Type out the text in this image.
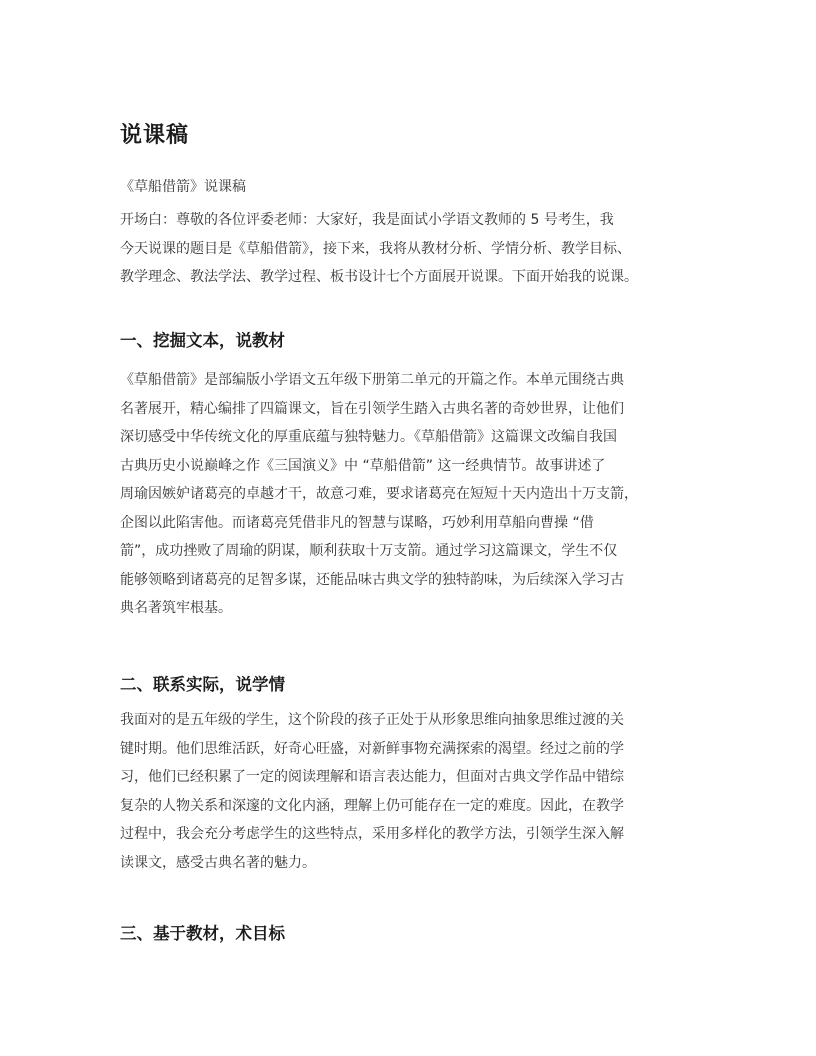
说课稿
《草船借箭》说课稿
开场白：尊敬的各位评委老师：大家好，我是面试小学语文教师的 5 号考生，我
今天说课的题目是《草船借箭》，接下来，我将从教材分析、学情分析、教学目标、
教学理念、教法学法、教学过程、板书设计七个方面展开说课。下面开始我的说课。
一、挖掘文本，说教材
《草船借箭》是部编版小学语文五年级下册第二单元的开篇之作。本单元围绕古典
名著展开，精心编排了四篇课文，旨在引领学生踏入古典名著的奇妙世界，让他们
深切感受中华传统文化的厚重底蕴与独特魅力。《草船借箭》这篇课文改编自我国
古典历史小说巅峰之作《三国演义》中 “草船借箭” 这一经典情节。故事讲述了
周瑜因嫉妒诸葛亮的卓越才干，故意刁难，要求诸葛亮在短短十天内造出十万支箭，
企图以此陷害他。而诸葛亮凭借非凡的智慧与谋略，巧妙利用草船向曹操 “借
箭”，成功挫败了周瑜的阴谋，顺利获取十万支箭。通过学习这篇课文，学生不仅
能够领略到诸葛亮的足智多谋，还能品味古典文学的独特韵味，为后续深入学习古
典名著筑牢根基。
二、联系实际，说学情
我面对的是五年级的学生，这个阶段的孩子正处于从形象思维向抽象思维过渡的关
键时期。他们思维活跃，好奇心旺盛，对新鲜事物充满探索的渴望。经过之前的学
习，他们已经积累了一定的阅读理解和语言表达能力，但面对古典文学作品中错综
复杂的人物关系和深邃的文化内涵，理解上仍可能存在一定的难度。因此，在教学
过程中，我会充分考虑学生的这些特点，采用多样化的教学方法，引领学生深入解
读课文，感受古典名著的魅力。
三、基于教材，术目标
